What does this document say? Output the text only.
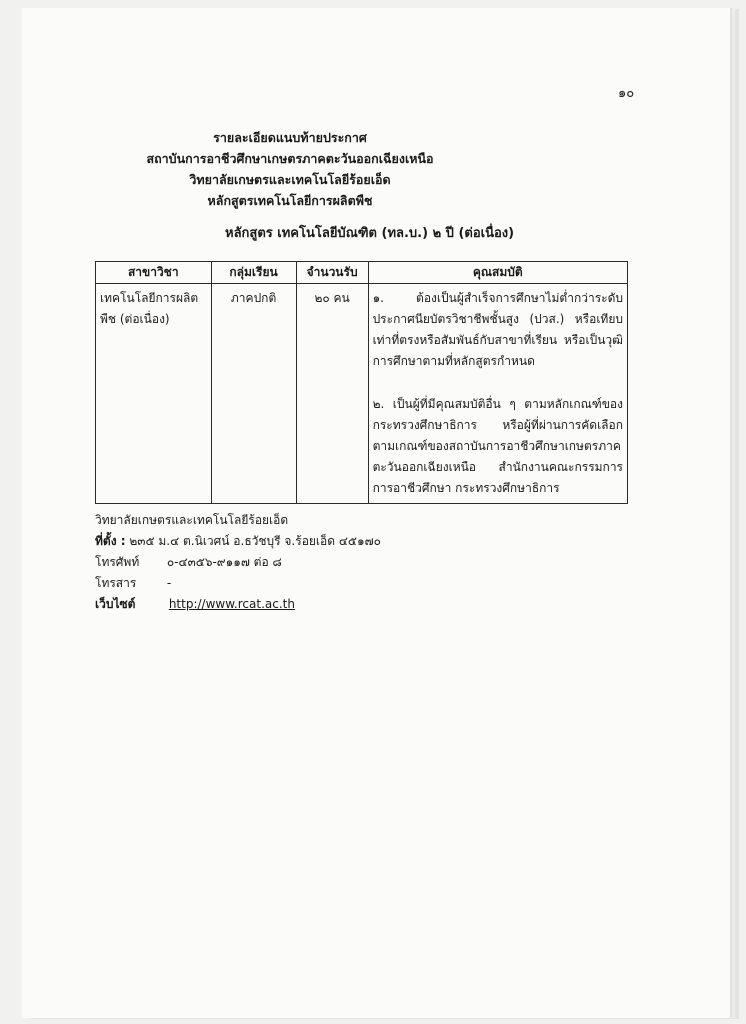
๑๐
รายละเอียดแนบท้ายประกาศ
สถาบันการอาชีวศึกษาเกษตรภาคตะวันออกเฉียงเหนือ
วิทยาลัยเกษตรและเทคโนโลยีร้อยเอ็ด
หลักสูตรเทคโนโลยีการผลิตพืช
หลักสูตร เทคโนโลยีบัณฑิต (ทล.บ.) ๒ ปี (ต่อเนื่อง)
สาขาวิชา	กลุ่มเรียน	จำนวนรับ	คุณสมบัติ
เทคโนโลยีการผลิตพืช (ต่อเนื่อง)	ภาคปกติ	๒๐ คน	๑. ต้องเป็นผู้สำเร็จการศึกษาไม่ต่ำกว่าระดับประกาศนียบัตรวิชาชีพชั้นสูง (ปวส.) หรือเทียบเท่าที่ตรงหรือสัมพันธ์กับสาขาที่เรียน หรือเป็นวุฒิการศึกษาตามที่หลักสูตรกำหนด
๒. เป็นผู้ที่มีคุณสมบัติอื่น ๆ ตามหลักเกณฑ์ของกระทรวงศึกษาธิการ หรือผู้ที่ผ่านการคัดเลือกตามเกณฑ์ของสถาบันการอาชีวศึกษาเกษตรภาคตะวันออกเฉียงเหนือ สำนักงานคณะกรรมการการอาชีวศึกษา กระทรวงศึกษาธิการ
วิทยาลัยเกษตรและเทคโนโลยีร้อยเอ็ด
ที่ตั้ง : ๒๓๕ ม.๔ ต.นิเวศน์ อ.ธวัชบุรี จ.ร้อยเอ็ด ๔๕๑๗๐
โทรศัพท์ ๐-๔๓๕๖-๙๑๑๗ ต่อ ๘
โทรสาร	-
เว็บไซต์	http://www.rcat.ac.th
